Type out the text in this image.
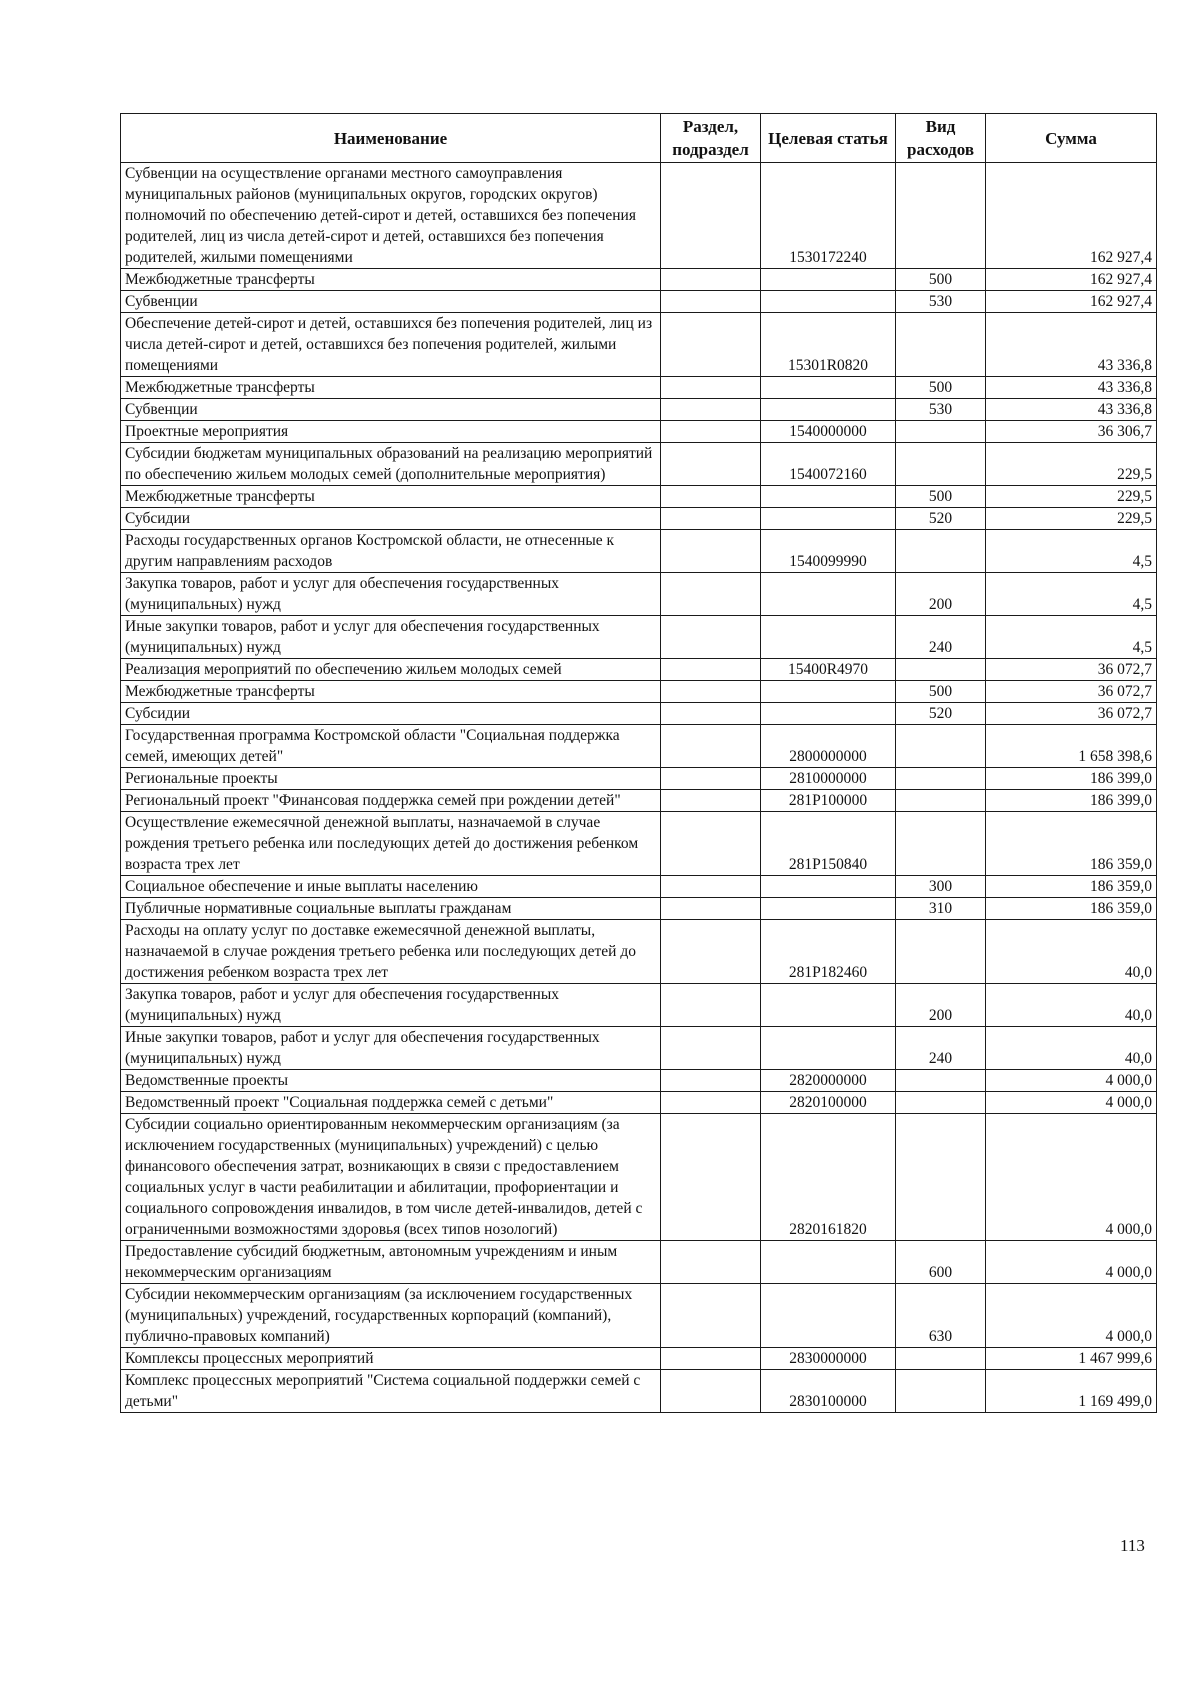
Наименование	Раздел, подраздел	Целевая статья	Вид расходов	Сумма
Субвенции на осуществление органами местного самоуправления муниципальных районов (муниципальных округов, городских округов) полномочий по обеспечению детей-сирот и детей, оставшихся без попечения родителей, лиц из числа детей-сирот и детей, оставшихся без попечения родителей, жилыми помещениями		1530172240		162 927,4
Межбюджетные трансферты			500	162 927,4
Субвенции			530	162 927,4
Обеспечение детей-сирот и детей, оставшихся без попечения родителей, лиц из числа детей-сирот и детей, оставшихся без попечения родителей, жилыми помещениями		15301R0820		43 336,8
Межбюджетные трансферты			500	43 336,8
Субвенции			530	43 336,8
Проектные мероприятия		1540000000		36 306,7
Субсидии бюджетам муниципальных образований на реализацию мероприятий по обеспечению жильем молодых семей (дополнительные мероприятия)		1540072160		229,5
Межбюджетные трансферты			500	229,5
Субсидии			520	229,5
Расходы государственных органов Костромской области, не отнесенные к другим направлениям расходов		1540099990		4,5
Закупка товаров, работ и услуг для обеспечения государственных (муниципальных) нужд			200	4,5
Иные закупки товаров, работ и услуг для обеспечения государственных (муниципальных) нужд			240	4,5
Реализация мероприятий по обеспечению жильем молодых семей		15400R4970		36 072,7
Межбюджетные трансферты			500	36 072,7
Субсидии			520	36 072,7
Государственная программа Костромской области "Социальная поддержка семей, имеющих детей"		2800000000		1 658 398,6
Региональные проекты		2810000000		186 399,0
Региональный проект "Финансовая поддержка семей при рождении детей"		281P100000		186 399,0
Осуществление ежемесячной денежной выплаты, назначаемой в случае рождения третьего ребенка или последующих детей до достижения ребенком возраста трех лет		281P150840		186 359,0
Социальное обеспечение и иные выплаты населению			300	186 359,0
Публичные нормативные социальные выплаты гражданам			310	186 359,0
Расходы на оплату услуг по доставке ежемесячной денежной выплаты, назначаемой в случае рождения третьего ребенка или последующих детей до достижения ребенком возраста трех лет		281P182460		40,0
Закупка товаров, работ и услуг для обеспечения государственных (муниципальных) нужд			200	40,0
Иные закупки товаров, работ и услуг для обеспечения государственных (муниципальных) нужд			240	40,0
Ведомственные проекты		2820000000		4 000,0
Ведомственный проект "Социальная поддержка семей с детьми"		2820100000		4 000,0
Субсидии социально ориентированным некоммерческим организациям (за исключением государственных (муниципальных) учреждений) с целью финансового обеспечения затрат, возникающих в связи с предоставлением социальных услуг в части реабилитации и абилитации, профориентации и социального сопровождения инвалидов, в том числе детей-инвалидов, детей с ограниченными возможностями здоровья (всех типов нозологий)		2820161820		4 000,0
Предоставление субсидий бюджетным, автономным учреждениям и иным некоммерческим организациям			600	4 000,0
Субсидии некоммерческим организациям (за исключением государственных (муниципальных) учреждений, государственных корпораций (компаний), публично-правовых компаний)			630	4 000,0
Комплексы процессных мероприятий		2830000000		1 467 999,6
Комплекс процессных мероприятий "Система социальной поддержки семей с детьми"		2830100000		1 169 499,0
113
